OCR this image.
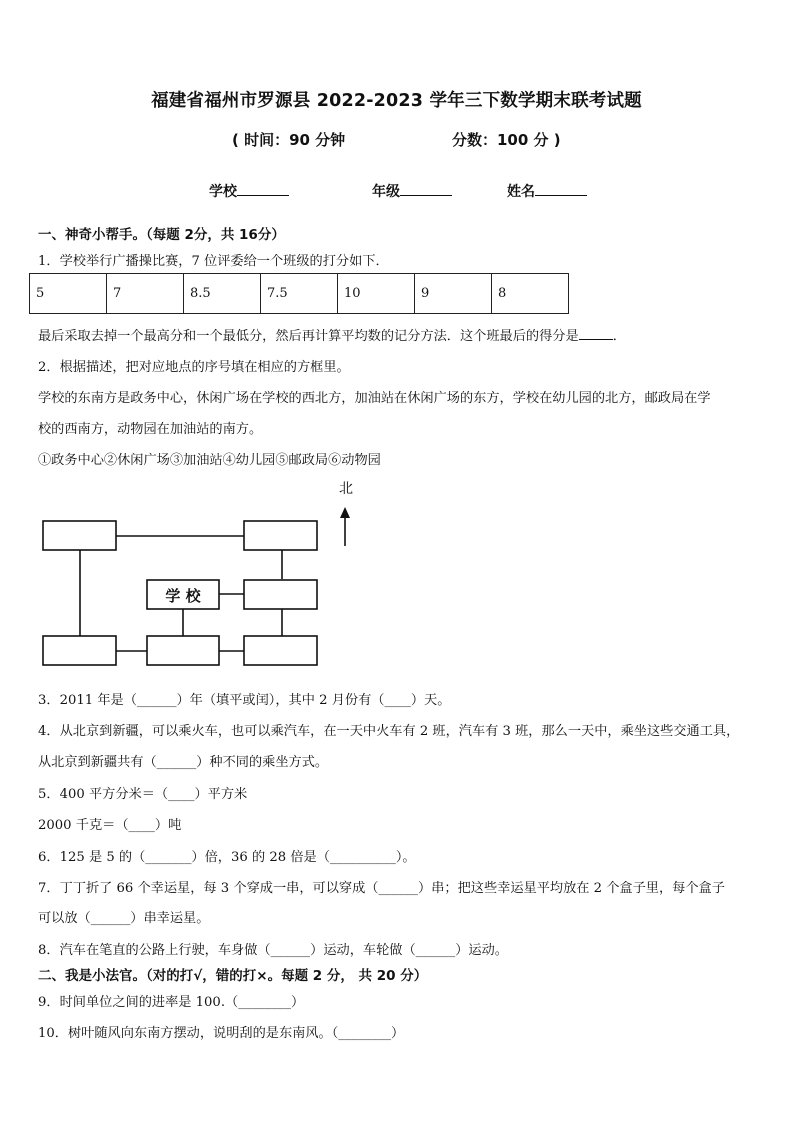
福建省福州市罗源县 2022-2023 学年三下数学期末联考试题
( 时间：90 分钟	分数：100 分 )
学校	年级	姓名
一、神奇小帮手。（每题 2分，共 16分）
1．学校举行广播操比赛，7 位评委给一个班级的打分如下．
5	7	8.5	7.5	10	9	8
最后采取去掉一个最高分和一个最低分，然后再计算平均数的记分方法．这个班最后的得分是	．
2．根据描述，把对应地点的序号填在相应的方框里。
学校的东南方是政务中心，休闲广场在学校的西北方，加油站在休闲广场的东方，学校在幼儿园的北方，邮政局在学
校的西南方，动物园在加油站的南方。
①政务中心②休闲广场③加油站④幼儿园⑤邮政局⑥动物园
北
学 校
3．2011 年是（______）年（填平或闰），其中 2 月份有（____）天。
4．从北京到新疆，可以乘火车，也可以乘汽车，在一天中火车有 2 班，汽车有 3 班，那么一天中，乘坐这些交通工具，
从北京到新疆共有（______）种不同的乘坐方式。
5．400 平方分米＝（____）平方米
2000 千克＝（____）吨
6．125 是 5 的（_______）倍，36 的 28 倍是（__________）。
7．丁丁折了 66 个幸运星，每 3 个穿成一串，可以穿成（______）串；把这些幸运星平均放在 2 个盒子里，每个盒子
可以放（______）串幸运星。
8．汽车在笔直的公路上行驶，车身做（______）运动，车轮做（______）运动。
二、我是小法官。（对的打√，错的打×。每题 2 分， 共 20 分）
9．时间单位之间的进率是 100.（________）
10．树叶随风向东南方摆动，说明刮的是东南风。（________）
